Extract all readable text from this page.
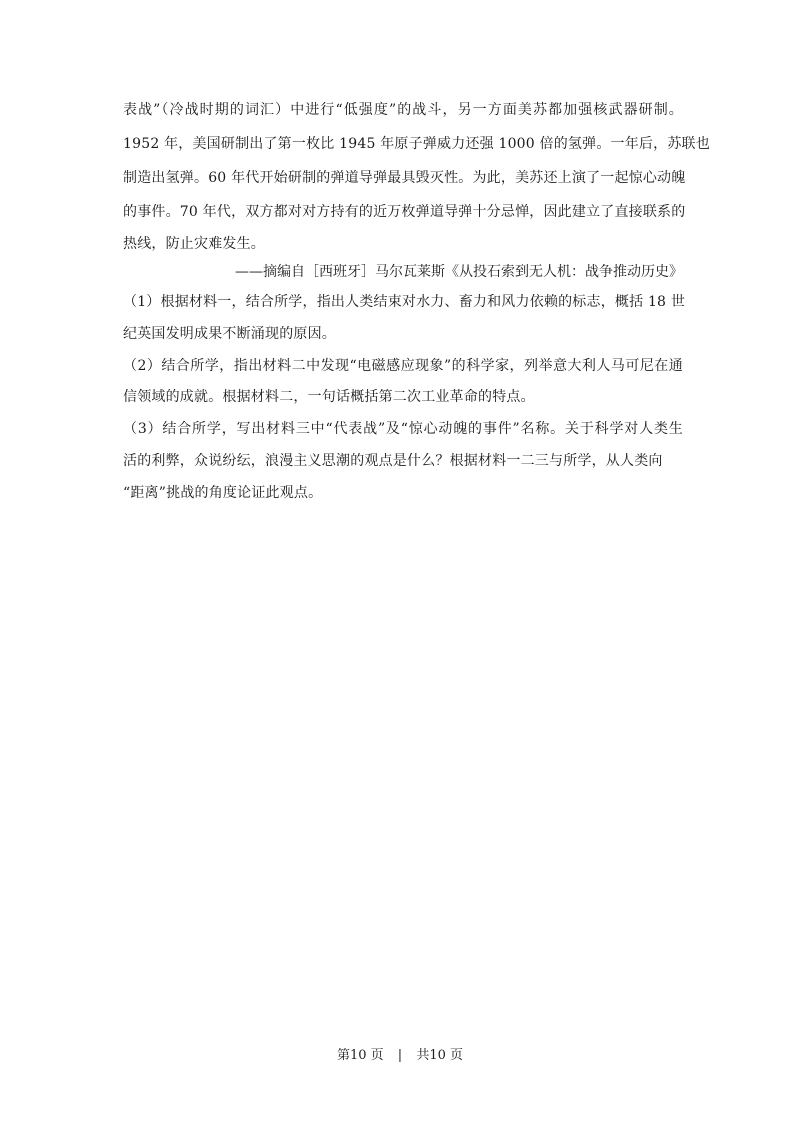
表战”（冷战时期的词汇）中进行“低强度”的战斗，另一方面美苏都加强核武器研制。
1952 年，美国研制出了第一枚比 1945 年原子弹威力还强 1000 倍的氢弹。一年后，苏联也
制造出氢弹。60 年代开始研制的弹道导弹最具毁灭性。为此，美苏还上演了一起惊心动魄
的事件。70 年代，双方都对对方持有的近万枚弹道导弹十分忌惮，因此建立了直接联系的
热线，防止灾难发生。
——摘编自［西班牙］马尔瓦莱斯《从投石索到无人机：战争推动历史》
（1）根据材料一，结合所学，指出人类结束对水力、畜力和风力依赖的标志，概括 18 世
纪英国发明成果不断涌现的原因。
（2）结合所学，指出材料二中发现“电磁感应现象”的科学家，列举意大利人马可尼在通
信领域的成就。根据材料二，一句话概括第二次工业革命的特点。
（3）结合所学，写出材料三中“代表战”及“惊心动魄的事件”名称。关于科学对人类生
活的利弊，众说纷纭，浪漫主义思潮的观点是什么？根据材料一二三与所学，从人类向
“距离”挑战的角度论证此观点。
第10 页 | 共10 页
